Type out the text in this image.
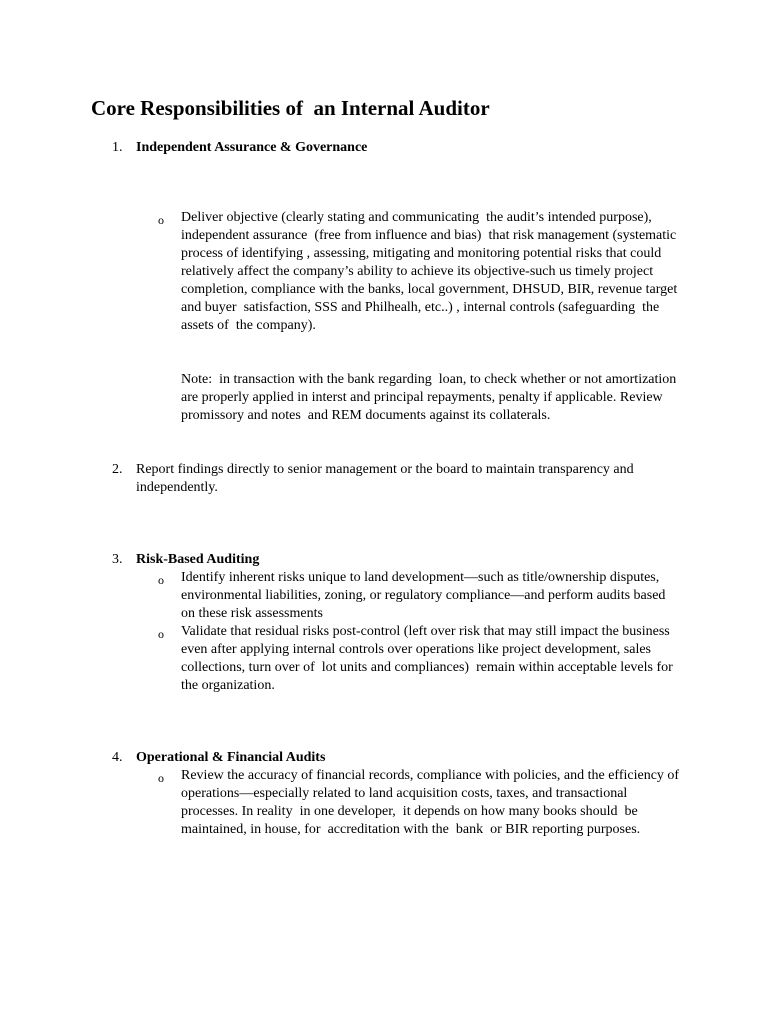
Core Responsibilities of  an Internal Auditor
1. Independent Assurance & Governance
o Deliver objective (clearly stating and communicating  the audit’s intended purpose),  independent assurance  (free from influence and bias)  that risk management (systematic process of identifying , assessing, mitigating and monitoring potential risks that could relatively affect the company’s ability to achieve its objective-such us timely project completion, compliance with the banks, local government, DHSUD, BIR, revenue target  and buyer  satisfaction, SSS and Philhealh, etc..) , internal controls (safeguarding  the assets of  the company).

Note:  in transaction with the bank regarding  loan, to check whether or not amortization are properly applied in interst and principal repayments, penalty if applicable. Review promissory and notes  and REM documents against its collaterals.

2. Report findings directly to senior management or the board to maintain transparency and independently.

3. Risk-Based Auditing
o Identify inherent risks unique to land development—such as title/ownership disputes, environmental liabilities, zoning, or regulatory compliance—and perform audits based on these risk assessments

o Validate that residual risks post-control (left over risk that may still impact the business even after applying internal controls over operations like project development, sales collections, turn over of  lot units and compliances)  remain within acceptable levels for the organization.

4. Operational & Financial Audits
o Review the accuracy of financial records, compliance with policies, and the efficiency of operations—especially related to land acquisition costs, taxes, and transactional processes. In reality  in one developer,  it depends on how many books should  be maintained, in house, for  accreditation with the  bank  or BIR reporting purposes.
